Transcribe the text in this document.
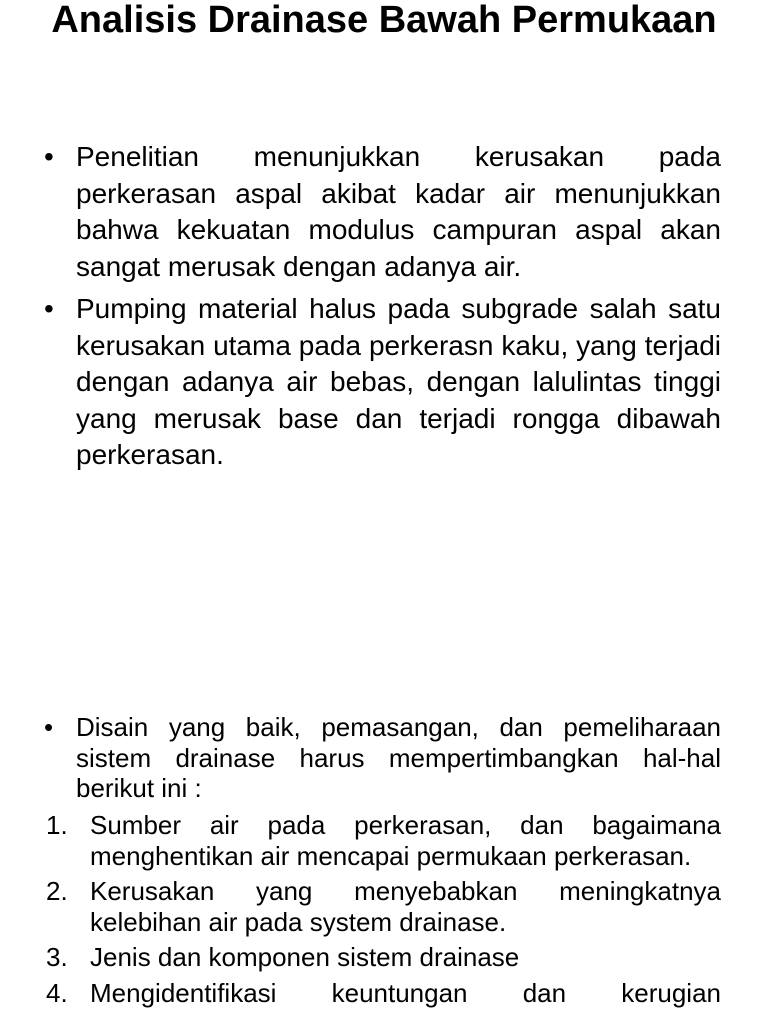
Analisis Drainase Bawah Permukaan
• Penelitian menunjukkan kerusakan pada perkerasan aspal akibat kadar air menunjukkan bahwa kekuatan modulus campuran aspal akan sangat merusak dengan adanya air.
• Pumping material halus pada subgrade salah satu kerusakan utama pada perkerasn kaku, yang terjadi dengan adanya air bebas, dengan lalulintas tinggi yang merusak base dan terjadi rongga dibawah perkerasan.
• Disain yang baik, pemasangan, dan pemeliharaan sistem drainase harus mempertimbangkan hal-hal berikut ini :
1. Sumber air pada perkerasan, dan bagaimana menghentikan air mencapai permukaan perkerasan.
2. Kerusakan yang menyebabkan meningkatnya kelebihan air pada system drainase.
3. Jenis dan komponen sistem drainase
4. Mengidentifikasi keuntungan dan kerugian
